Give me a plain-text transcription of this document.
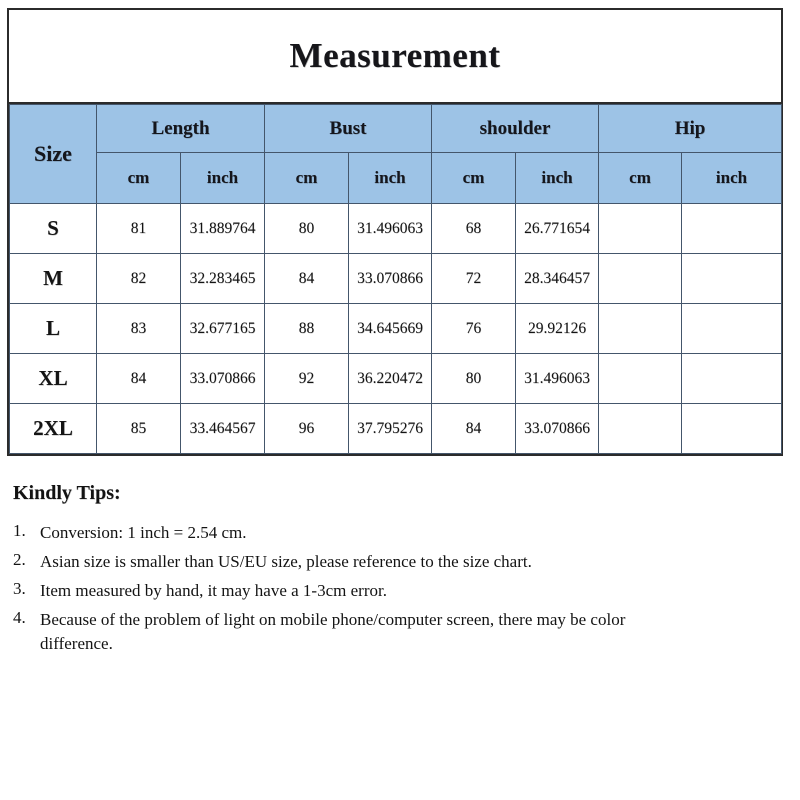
Measurement
Size	Length		Bust		shoulder		Hip	
	cm	inch	cm	inch	cm	inch	cm	inch
S	81	31.889764	80	31.496063	68	26.771654		
M	82	32.283465	84	33.070866	72	28.346457		
L	83	32.677165	88	34.645669	76	29.92126		
XL	84	33.070866	92	36.220472	80	31.496063		
2XL	85	33.464567	96	37.795276	84	33.070866		
Kindly Tips:
1. Conversion: 1 inch = 2.54 cm.
2. Asian size is smaller than US/EU size, please reference to the size chart.
3. Item measured by hand, it may have a 1-3cm error.
4. Because of the problem of light on mobile phone/computer screen, there may be color difference.
